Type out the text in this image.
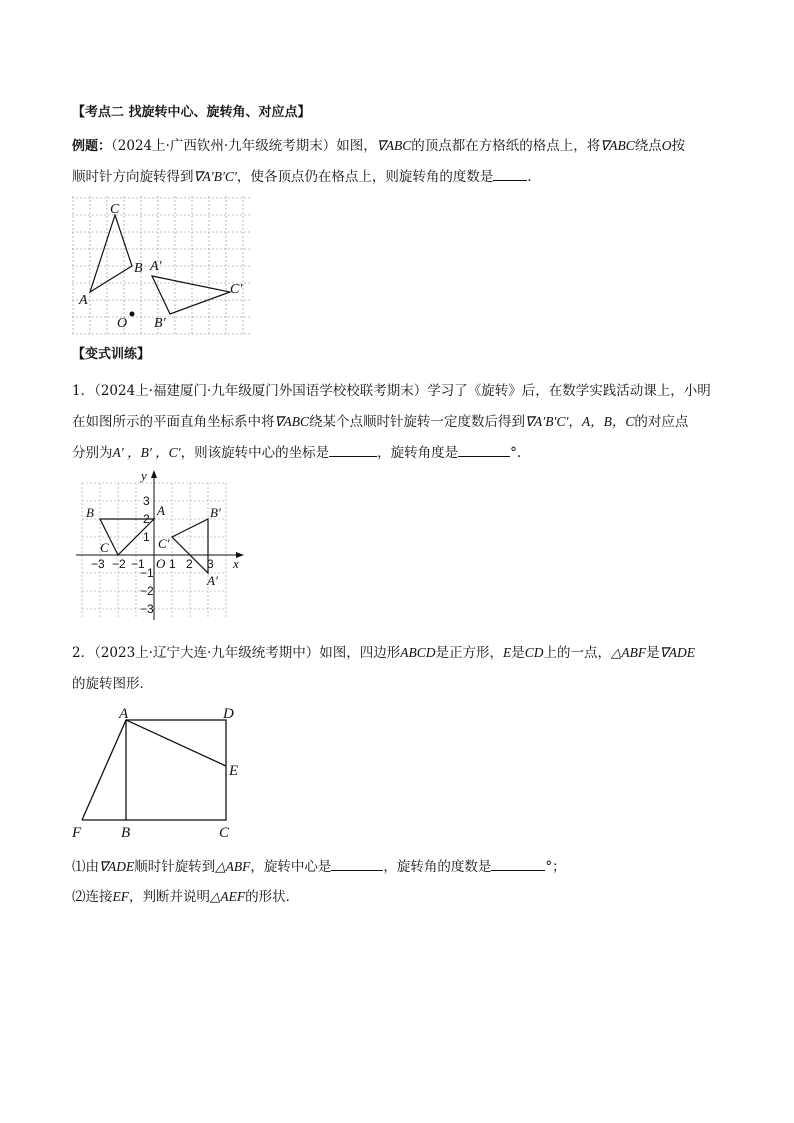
【考点二 找旋转中心、旋转角、对应点】
例题：（2024上·广西钦州·九年级统考期末）如图，∇ABC的顶点都在方格纸的格点上，将∇ABC绕点O按
顺时针方向旋转得到∇A′B′C′，使各顶点仍在格点上，则旋转角的度数是	．
C
B
A
O
A′
B′
C′
【变式训练】
1．（2024上·福建厦门·九年级厦门外国语学校校联考期末）学习了《旋转》后，在数学实践活动课上，小明
在如图所示的平面直角坐标系中将∇ABC绕某个点顺时针旋转一定度数后得到∇A′B′C′，A，B，C的对应点
分别为A′ ，B′ ，C′，则该旋转中心的坐标是	，旋转角度是	°.
x
y
O
−3 −2 −1 1 2 3
3
2
1
−1
−2
−3
B
C
A	B′
C′
A′
2．（2023上·辽宁大连·九年级统考期中）如图，四边形ABCD是正方形，E是CD上的一点，△ABF是∇ADE
的旋转图形．
A	D
E
F	B	C
⑴由∇ADE顺时针旋转到△ABF，旋转中心是	，旋转角的度数是	°；
⑵连接EF，判断并说明△AEF的形状．
